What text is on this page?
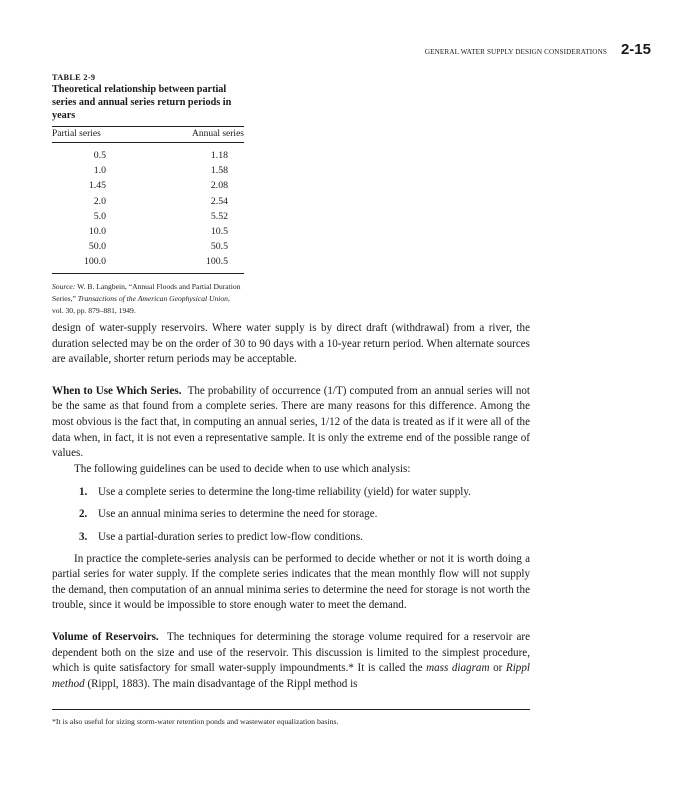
GENERAL WATER SUPPLY DESIGN CONSIDERATIONS 2-15
TABLE 2-9
Theoretical relationship between partial
series and annual series return periods in years
Partial series	Annual series
0.5	1.18
1.0	1.58
1.45	2.08
2.0	2.54
5.0	5.52
10.0	10.5
50.0	50.5
100.0	100.5
Source: W. B. Langbein, “Annual Floods and Partial Duration
Series,” Transactions of the American Geophysical Union,
vol. 30, pp. 879–881, 1949.

design of water-supply reservoirs. Where water supply is by direct draft (withdrawal) from a river, the duration selected may be on the order of 30 to 90 days with a 10-year return period. When alternate sources are available, shorter return periods may be acceptable.

When to Use Which Series. The probability of occurrence (1/T) computed from an annual series will not be the same as that found from a complete series. There are many reasons for this difference. Among the most obvious is the fact that, in computing an annual series, 1/12 of the data is treated as if it were all of the data when, in fact, it is not even a representative sample. It is only the extreme end of the possible range of values.

The following guidelines can be used to decide when to use which analysis:

1. Use a complete series to determine the long-time reliability (yield) for water supply.
2. Use an annual minima series to determine the need for storage.
3. Use a partial-duration series to predict low-flow conditions.

In practice the complete-series analysis can be performed to decide whether or not it is worth doing a partial series for water supply. If the complete series indicates that the mean monthly flow will not supply the demand, then computation of an annual minima series to determine the need for storage is not worth the trouble, since it would be impossible to store enough water to meet the demand.

Volume of Reservoirs. The techniques for determining the storage volume required for a reservoir are dependent both on the size and use of the reservoir. This discussion is limited to the simplest procedure, which is quite satisfactory for small water-supply impoundments.* It is called the mass diagram or Rippl method (Rippl, 1883). The main disadvantage of the Rippl method is

*It is also useful for sizing storm-water retention ponds and wastewater equalization basins.
